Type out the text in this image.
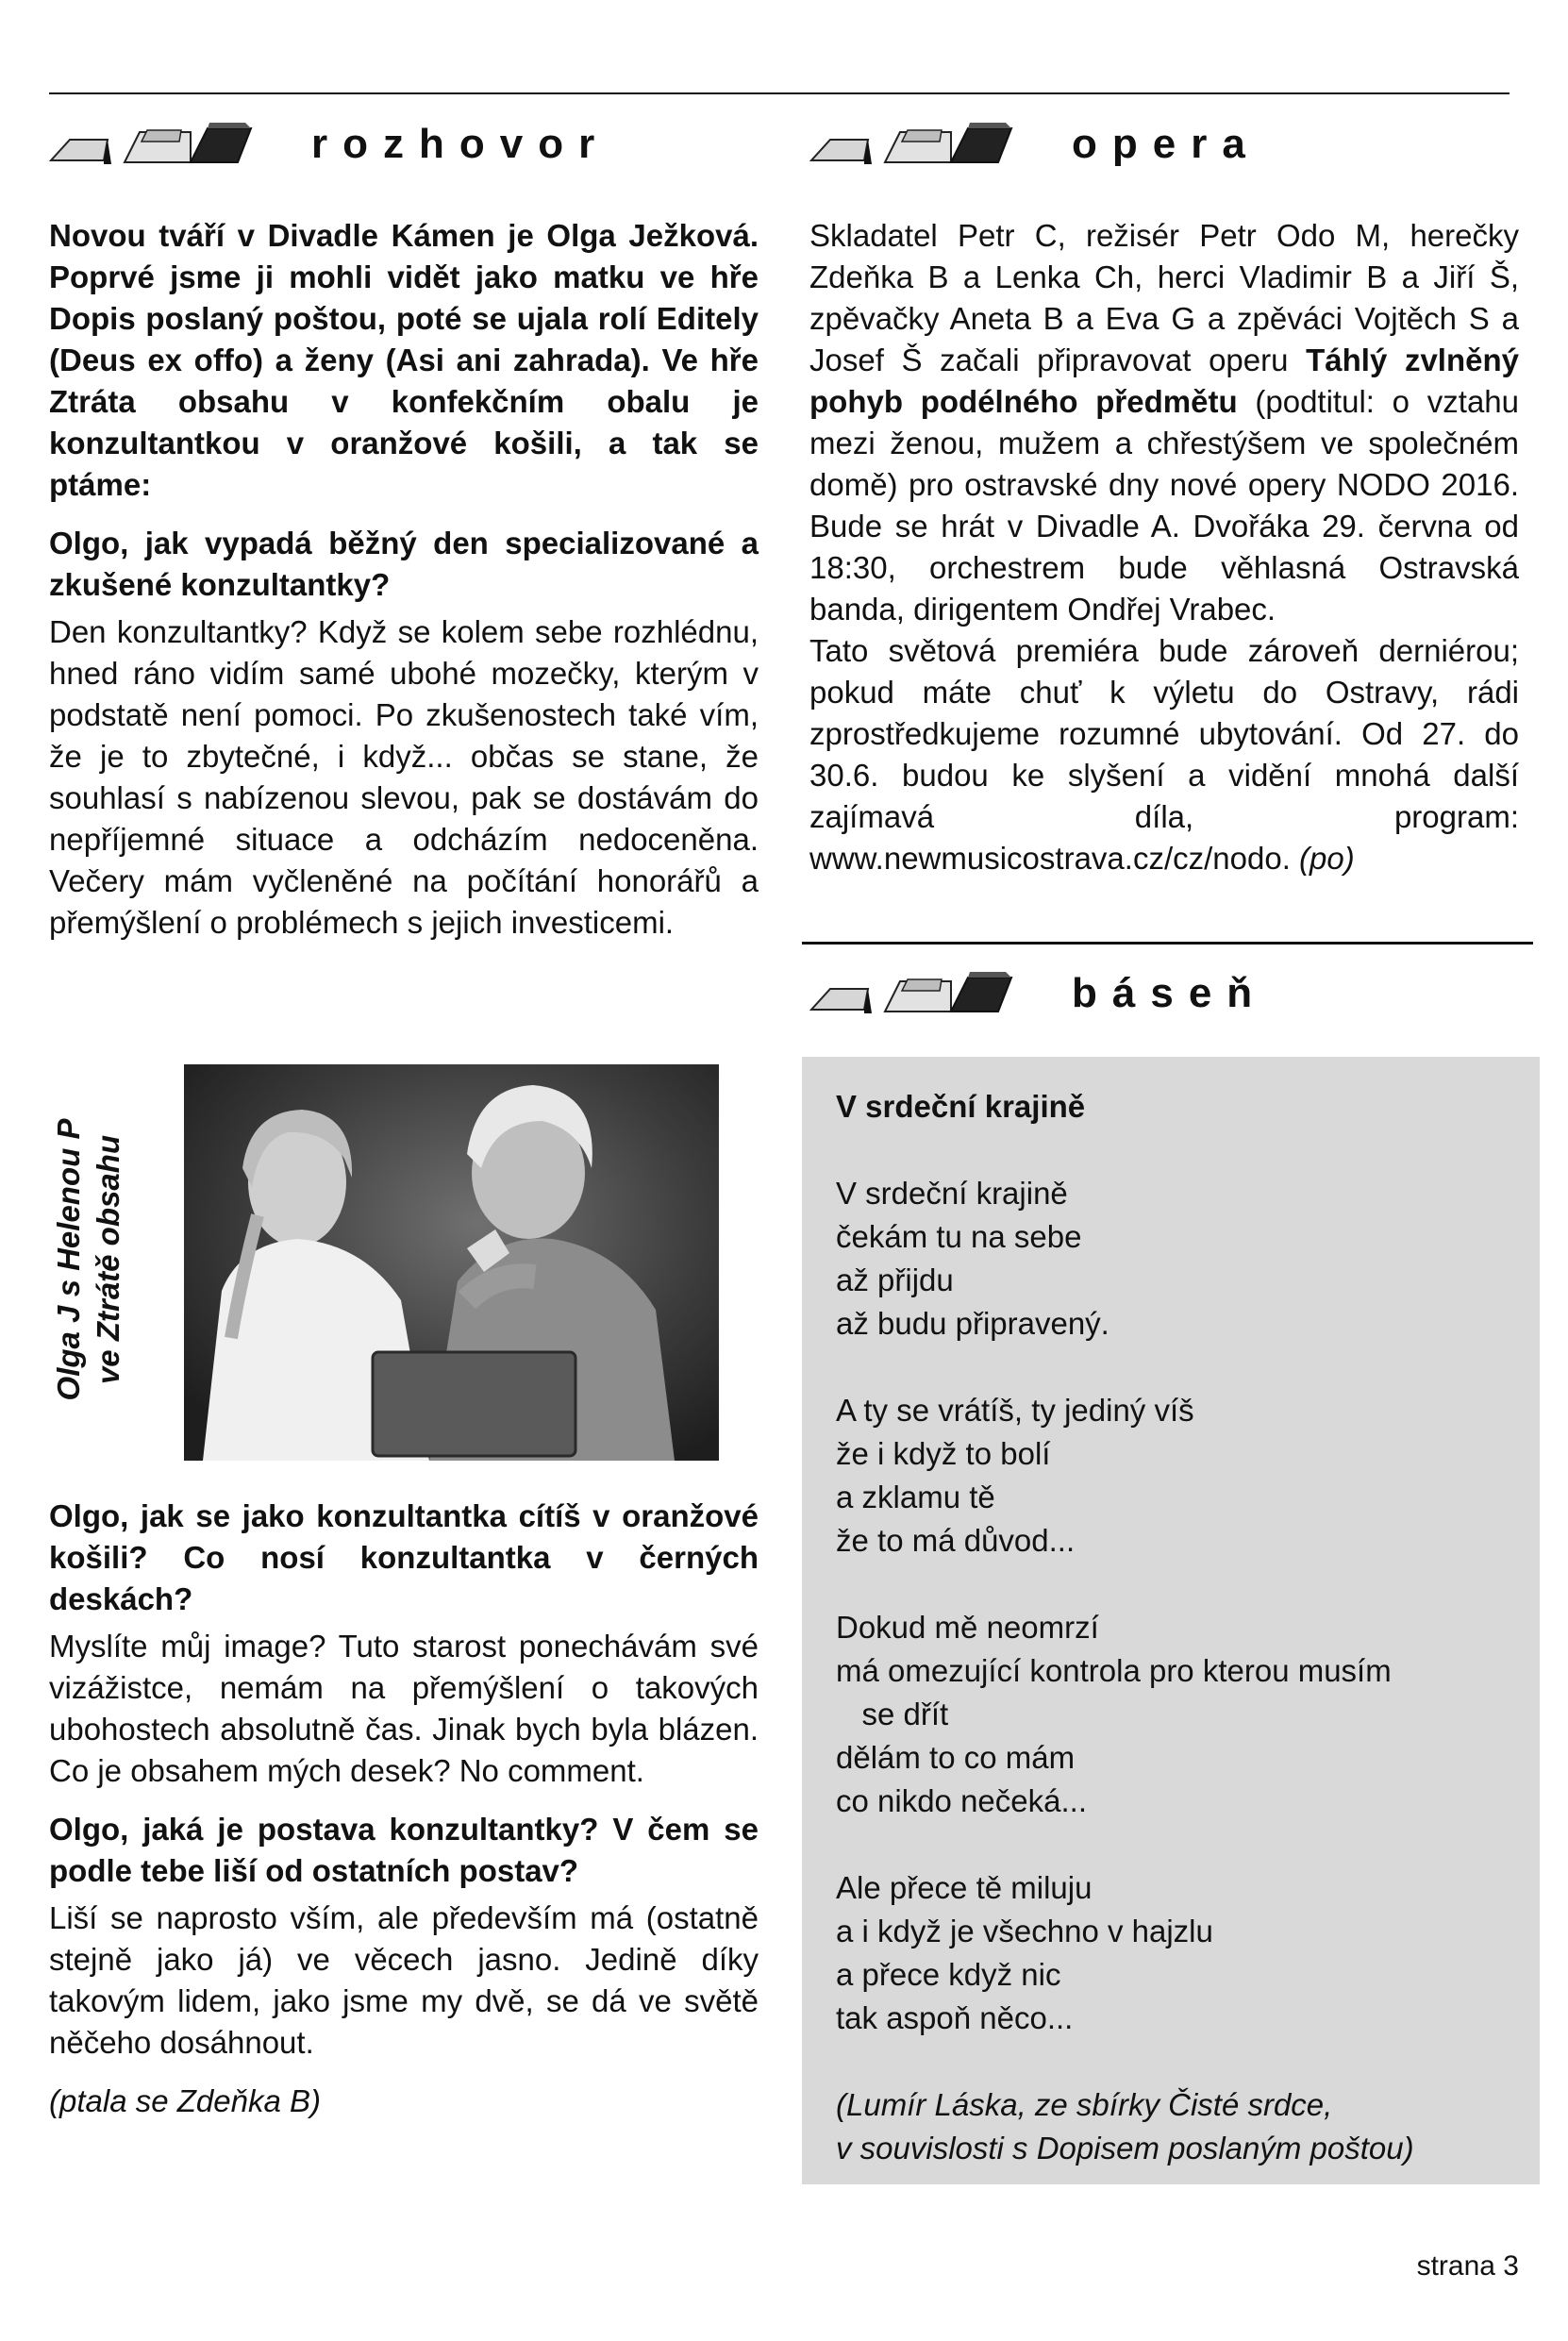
rozhovor	opera
báseň

Novou tváří v Divadle Kámen je Olga Ježková. Poprvé jsme ji mohli vidět jako matku ve hře Dopis poslaný poštou, poté se ujala rolí Editely (Deus ex offo) a ženy (Asi ani zahrada). Ve hře Ztráta obsahu v konfekčním obalu je konzultantkou v oranžové košili, a tak se ptáme:

Olgo, jak vypadá běžný den specializované a zkušené konzultantky?

Den konzultantky? Když se kolem sebe rozhlédnu, hned ráno vidím samé ubohé mozečky, kterým v podstatě není pomoci. Po zkušenostech také vím, že je to zbytečné, i když... občas se stane, že souhlasí s nabízenou slevou, pak se dostávám do nepříjemné situace a odcházím nedoceněna. Večery mám vyčleněné na počítání honorářů a přemýšlení o problémech s jejich investicemi.

Olga J s Helenou P ve Ztrátě obsahu

Olgo, jak se jako konzultantka cítíš v oranžové košili? Co nosí konzultantka v černých deskách?

Myslíte můj image? Tuto starost ponechávám své vizážistce, nemám na přemýšlení o takových ubohostech absolutně čas. Jinak bych byla blázen. Co je obsahem mých desek? No comment.

Olgo, jaká je postava konzultantky? V čem se podle tebe liší od ostatních postav?

Liší se naprosto vším, ale především má (ostatně stejně jako já) ve věcech jasno. Jedině díky takovým lidem, jako jsme my dvě, se dá ve světě něčeho dosáhnout.

(ptala se Zdeňka B)

Skladatel Petr C, režisér Petr Odo M, herečky Zdeňka B a Lenka Ch, herci Vladimir B a Jiří Š, zpěvačky Aneta B a Eva G a zpěváci Vojtěch S a Josef Š začali připravovat operu Táhlý zvlněný pohyb podélného předmětu (podtitul: o vztahu mezi ženou, mužem a chřestýšem ve společném domě) pro ostravské dny nové opery NODO 2016. Bude se hrát v Divadle A. Dvořáka 29. června od 18:30, orchestrem bude věhlasná Ostravská banda, dirigentem Ondřej Vrabec.

Tato světová premiéra bude zároveň derniérou; pokud máte chuť k výletu do Ostravy, rádi zprostředkujeme rozumné ubytování. Od 27. do 30.6. budou ke slyšení a vidění mnohá další zajímavá díla, program: www.newmusicostrava.cz/cz/nodo. (po)

V srdeční krajině
V srdeční krajině
čekám tu na sebe
až přijdu
až budu připravený.
A ty se vrátíš, ty jediný víš
že i když to bolí
a zklamu tě
že to má důvod...
Dokud mě neomrzí
má omezující kontrola pro kterou musím
se dřít
dělám to co mám
co nikdo nečeká...
Ale přece tě miluju
a i když je všechno v hajzlu
a přece když nic
tak aspoň něco...
(Lumír Láska, ze sbírky Čisté srdce,
v souvislosti s Dopisem poslaným poštou)
strana 3
